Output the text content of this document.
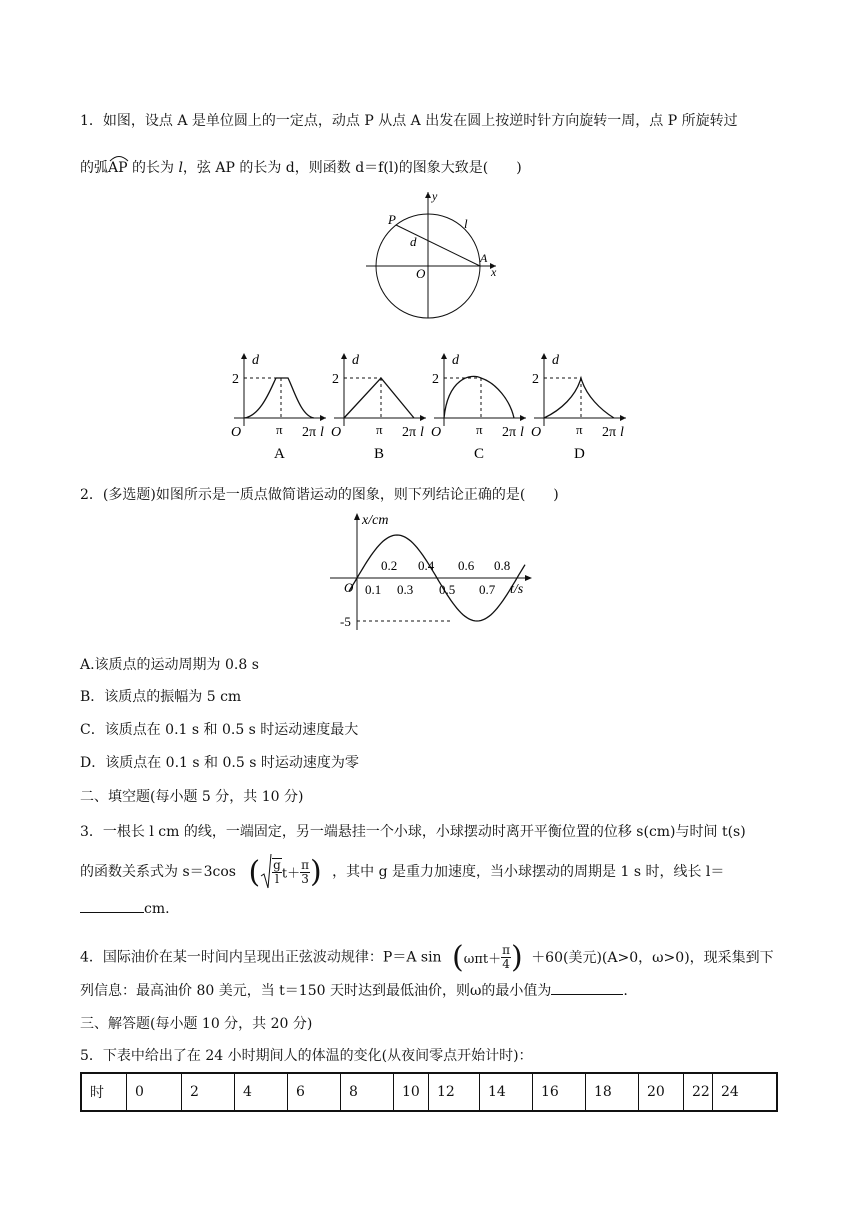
1．如图，设点 A 是单位圆上的一定点，动点 P 从点 A 出发在圆上按逆时针方向旋转一周，点 P 所旋转过
的弧
AP 的长为 l，弦 AP 的长为 d，则函数 d＝f(l)的图象大致是(　　)
y
P	l
d
O
A
x
d
2
O	π 2π l
A
d
2
O	π 2π l
B
d
2
O	π 2π l
C
d
2
O	π 2π l
D
2．(多选题)如图所示是一质点做简谐运动的图象，则下列结论正确的是(　　)
x/cm
O
-5
t/s
0.2 0.4 0.6 0.8
0.1 0.3 0.5 0.7
A.该质点的运动周期为 0.8 s
B．该质点的振幅为 5 cm
C．该质点在 0.1 s 和 0.5 s 时运动速度最大
D．该质点在 0.1 s 和 0.5 s 时运动速度为零
二、填空题(每小题 5 分，共 10 分)
3．一根长 l cm 的线，一端固定，另一端悬挂一个小球，小球摆动时离开平衡位置的位移 s(cm)与时间 t(s)
的函数关系式为 s＝3cos ( $\frac{g}{l} t+ \frac{\pi}{3}$ ) ，其中 g 是重力加速度，当小球摆动的周期是 1 s 时，线长 l＝
cm.
4．国际油价在某一时间内呈现出正弦波动规律：P＝A $\sin (\omega\pi t+ \frac{\pi}{4}$ ) ＋60(美元)(A>0，ω>0)，现采集到下
列信息：最高油价 80 美元，当 t＝150 天时达到最低油价，则ω的最小值为	.
三、解答题(每小题 10 分，共 20 分)
5．下表中给出了在 24 小时期间人的体温的变化(从夜间零点开始计时)：
时	0	2	4	6	8	10	12	14	16	18	20	22	24
